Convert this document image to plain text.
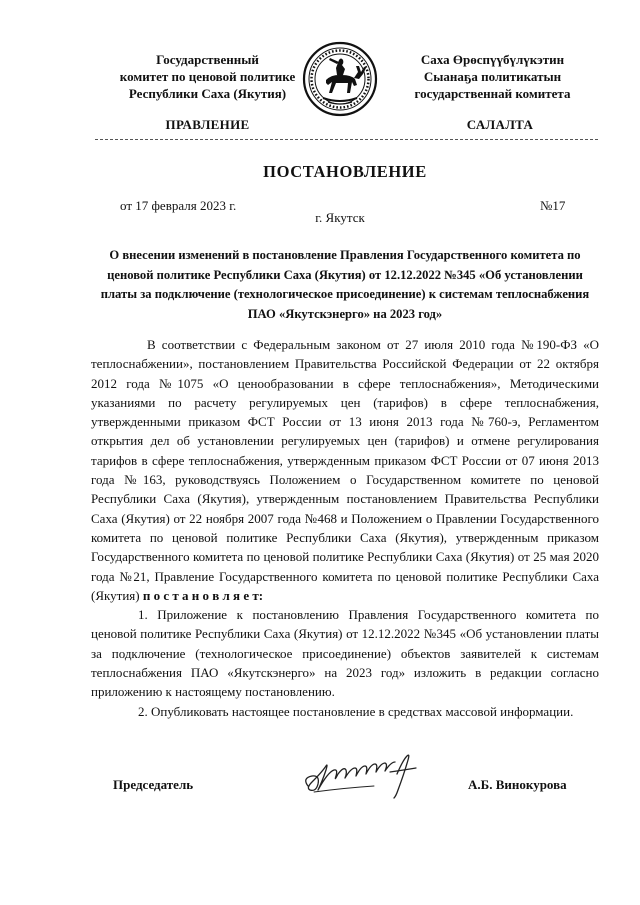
Государственный
комитет по ценовой политике
Республики Саха (Якутия)
Саха Өрөспүүбүлүкэтин
Сыанаҕа политикатын
государственнай комитета
ПРАВЛЕНИЕ	САЛАЛТА
ПОСТАНОВЛЕНИЕ
от 17 февраля 2023 г.	№17
г. Якутск
О внесении изменений в постановление Правления Государственного комитета по
ценовой политике Республики Саха (Якутия) от 12.12.2022 №345 «Об установлении
платы за подключение (технологическое присоединение) к системам теплоснабжения
ПАО «Якутскэнерго» на 2023 год»

В соответствии с Федеральным законом от 27 июля 2010 года №190-ФЗ «О теплоснабжении», постановлением Правительства Российской Федерации от 22 октября 2012 года №1075 «О ценообразовании в сфере теплоснабжения», Методическими указаниями по расчету регулируемых цен (тарифов) в сфере теплоснабжения, утвержденными приказом ФСТ России от 13 июня 2013 года №760-э, Регламентом открытия дел об установлении регулируемых цен (тарифов) и отмене регулирования тарифов в сфере теплоснабжения, утвержденным приказом ФСТ России от 07 июня 2013 года №163, руководствуясь Положением о Государственном комитете по ценовой Республики Саха (Якутия), утвержденным постановлением Правительства Республики Саха (Якутия) от 22 ноября 2007 года №468 и Положением о Правлении Государственного комитета по ценовой политике Республики Саха (Якутия), утвержденным приказом Государственного комитета по ценовой политике Республики Саха (Якутия) от 25 мая 2020 года №21, Правление Государственного комитета по ценовой политике Республики Саха (Якутия) п о с т а н о в л я е т:

1. Приложение к постановлению Правления Государственного комитета по ценовой политике Республики Саха (Якутия) от 12.12.2022 №345 «Об установлении платы за подключение (технологическое присоединение) объектов заявителей к системам теплоснабжения ПАО «Якутскэнерго» на 2023 год» изложить в редакции согласно приложению к настоящему постановлению.

2. Опубликовать настоящее постановление в средствах массовой информации.

Председатель	А.Б. Винокурова
